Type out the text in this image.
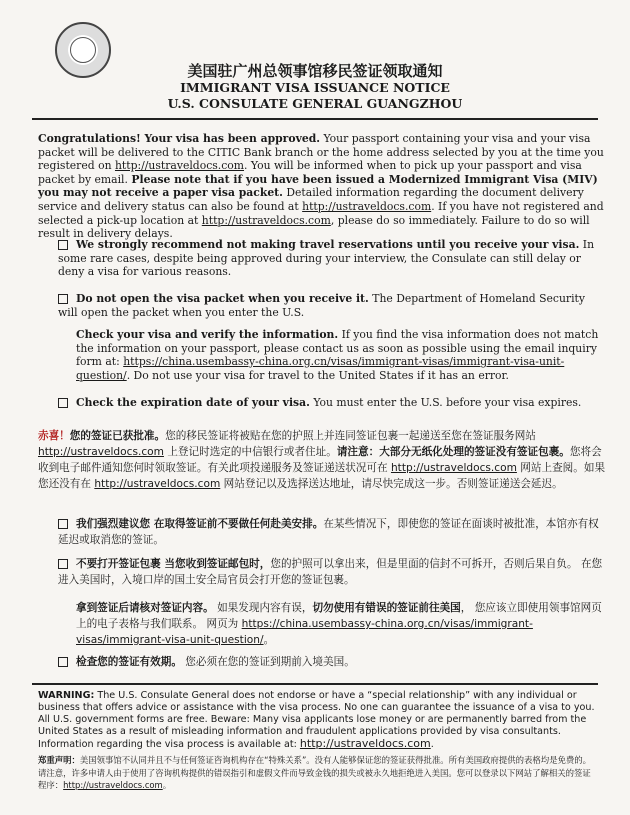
美国驻广州总领事馆移民签证领取通知
IMMIGRANT VISA ISSUANCE NOTICE
U.S. CONSULATE GENERAL GUANGZHOU
Congratulations! Your visa has been approved. Your passport containing your visa and your visa packet will be delivered to the CITIC Bank branch or the home address selected by you at the time you registered on http://ustraveldocs.com. You will be informed when to pick up your passport and visa packet by email. Please note that if you have been issued a Modernized Immigrant Visa (MIV) you may not receive a paper visa packet. Detailed information regarding the document delivery service and delivery status can also be found at http://ustraveldocs.com. If you have not registered and selected a pick-up location at http://ustraveldocs.com, please do so immediately. Failure to do so will result in delivery delays.
We strongly recommend not making travel reservations until you receive your visa. In some rare cases, despite being approved during your interview, the Consulate can still delay or deny a visa for various reasons.
Do not open the visa packet when you receive it. The Department of Homeland Security will open the packet when you enter the U.S.
Check your visa and verify the information. If you find the visa information does not match the information on your passport, please contact us as soon as possible using the email inquiry form at: https://china.usembassy-china.org.cn/visas/immigrant-visas/immigrant-visa-unit-question/. Do not use your visa for travel to the United States if it has an error.
Check the expiration date of your visa. You must enter the U.S. before your visa expires.
赤喜！您的签证已获批准。您的移民签证将被贴在您的护照上并连同签证包裹一起递送至您在签证服务网站 http://ustraveldocs.com 上登记时选定的中信银行或者住址。请注意：大部分无纸化处理的签证没有签证包裹。您将会收到电子邮件通知您何时领取签证。有关此项投递服务及签证递送状况可在 http://ustraveldocs.com 网站上查阅。如果您还没有在 http://ustraveldocs.com 网站登记以及选择送达地址，请尽快完成这一步。否则签证递送会延迟。
我们强烈建议您 在取得签证前不要做任何赴美安排。在某些情况下，即使您的签证在面谈时被批准，本馆亦有权延迟或取消您的签证。
不要打开签证包裹 当您收到签证邮包时，您的护照可以拿出来，但是里面的信封不可拆开，否则后果自负。 在您进入美国时，入境口岸的国土安全局官员会打开您的签证包裹。
拿到签证后请核对签证内容。 如果发现内容有误，切勿使用有错误的签证前往美国， 您应该立即使用领事馆网页上的电子表格与我们联系。 网页为 https://china.usembassy-china.org.cn/visas/immigrant-visas/immigrant-visa-unit-question/。
检查您的签证有效期。 您必须在您的签证到期前入境美国。
WARNING: The U.S. Consulate General does not endorse or have a “special relationship” with any individual or business that offers advice or assistance with the visa process. No one can guarantee the issuance of a visa to you. All U.S. government forms are free. Beware: Many visa applicants lose money or are permanently barred from the United States as a result of misleading information and fraudulent applications provided by visa consultants. Information regarding the visa process is available at: http://ustraveldocs.com.
郑重声明：美国领事馆不认同并且不与任何签证咨询机构存在“特殊关系”。没有人能够保证您的签证获得批准。所有美国政府提供的表格均是免费的。请注意，许多申请人由于使用了咨询机构提供的错误指引和虚假文件而导致金钱的损失或被永久地拒绝进入美国。您可以登录以下网站了解相关的签证程序：http://ustraveldocs.com。
